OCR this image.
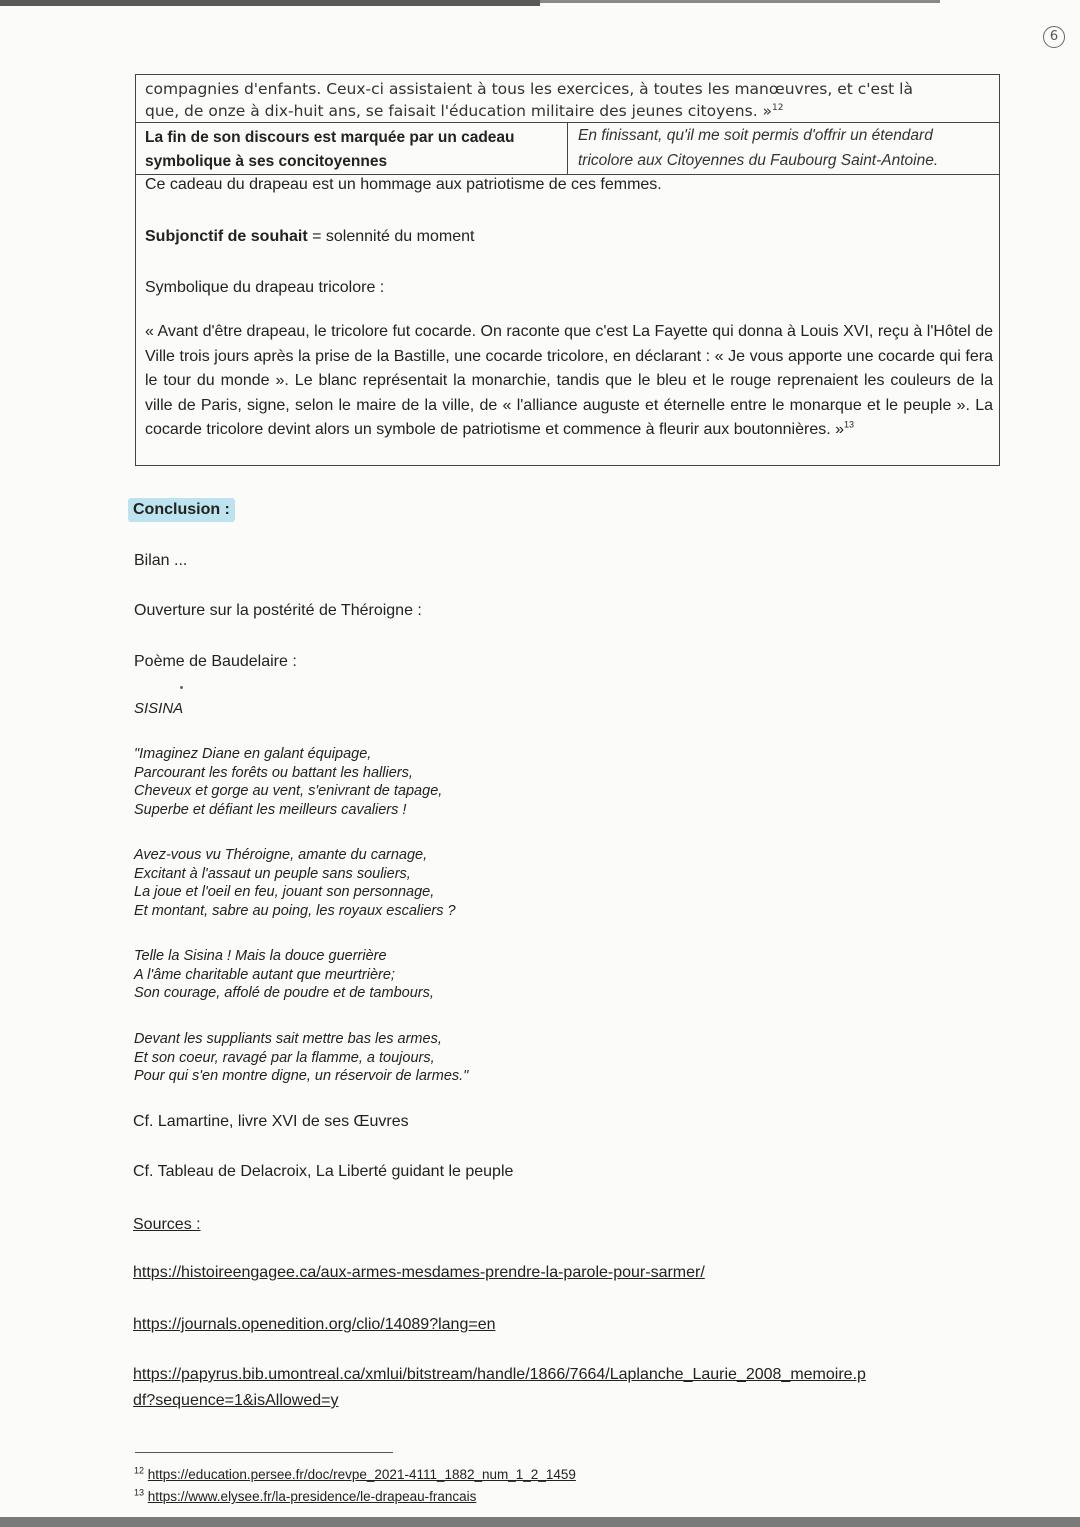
6
compagnies d'enfants. Ceux-ci assistaient à tous les exercices, à toutes les manœuvres, et c'est là
que, de onze à dix-huit ans, se faisait l'éducation militaire des jeunes citoyens. »$^{12}$
La fin de son discours est marquée par un cadeau
symbolique à ses concitoyennes
En finissant, qu'il me soit permis d'offrir un étendard
tricolore aux Citoyennes du Faubourg Saint-Antoine.
Ce cadeau du drapeau est un hommage aux patriotisme de ces femmes.
Subjonctif de souhait = solennité du moment
Symbolique du drapeau tricolore :
« Avant d'être drapeau, le tricolore fut cocarde. On raconte que c'est La Fayette qui donna à Louis XVI, reçu à l'Hôtel de Ville trois jours après la prise de la Bastille, une cocarde tricolore, en déclarant : « Je vous apporte une cocarde qui fera le tour du monde ». Le blanc représentait la monarchie, tandis que le bleu et le rouge reprenaient les couleurs de la ville de Paris, signe, selon le maire de la ville, de « l'alliance auguste et éternelle entre le monarque et le peuple ». La cocarde tricolore devint alors un symbole de patriotisme et commence à fleurir aux boutonnières. »$^{13}$
Conclusion :
Bilan ...
Ouverture sur la postérité de Théroigne :
Poème de Baudelaire :
SISINA
"Imaginez Diane en galant équipage,
Parcourant les forêts ou battant les halliers,
Cheveux et gorge au vent, s'enivrant de tapage,
Superbe et défiant les meilleurs cavaliers !
Avez-vous vu Théroigne, amante du carnage,
Excitant à l'assaut un peuple sans souliers,
La joue et l'oeil en feu, jouant son personnage,
Et montant, sabre au poing, les royaux escaliers ?
Telle la Sisina ! Mais la douce guerrière
A l'âme charitable autant que meurtrière;
Son courage, affolé de poudre et de tambours,
Devant les suppliants sait mettre bas les armes,
Et son coeur, ravagé par la flamme, a toujours,
Pour qui s'en montre digne, un réservoir de larmes."
Cf. Lamartine, livre XVI de ses Œuvres
Cf. Tableau de Delacroix, La Liberté guidant le peuple
Sources :
https://histoireengagee.ca/aux-armes-mesdames-prendre-la-parole-pour-sarmer/
https://journals.openedition.org/clio/14089?lang=en
https://papyrus.bib.umontreal.ca/xmlui/bitstream/handle/1866/7664/Laplanche_Laurie_2008_memoire.p
df?sequence=1&isAllowed=y
$^{12}$ https://education.persee.fr/doc/revpe_2021-4111_1882_num_1_2_1459
$^{13}$ https://www.elysee.fr/la-presidence/le-drapeau-francais
